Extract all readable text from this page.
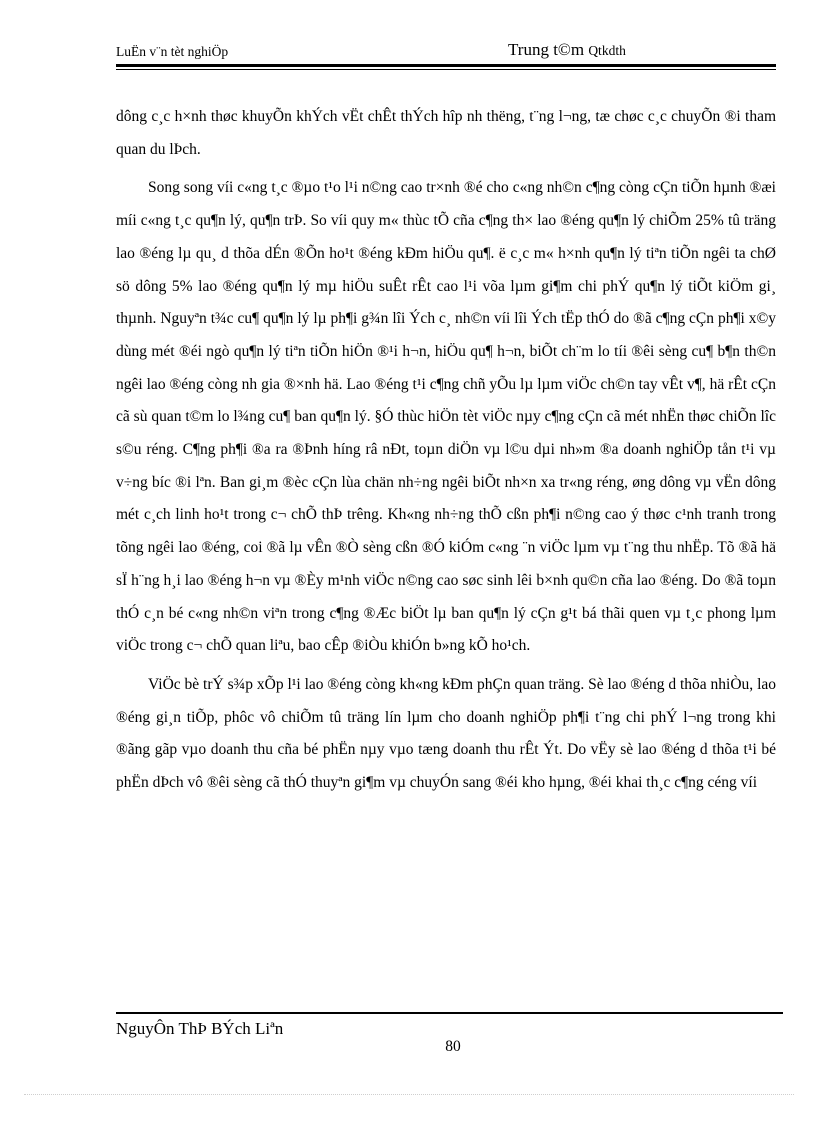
LuËn v¨n tèt nghiÖp	Trung t©m Qtkdth

dông c¸c h×nh thøc khuyÕn khÝch vËt chÊt thÝch hîp nh thëng, t¨ng l¬ng, tæ chøc c¸c chuyÕn ®i tham quan du lÞch.

Song song víi c«ng t¸c ®µo t¹o l¹i n©ng cao tr×nh ®é cho c«ng nh©n c¶ng còng cÇn tiÕn hµnh ®æi míi c«ng t¸c qu¶n lý, qu¶n trÞ. So víi quy m« thùc tÕ cña c¶ng th× lao ®éng qu¶n lý chiÕm 25% tû träng lao ®éng lµ qu¸ d thõa dÉn ®Õn ho¹t ®éng kÐm hiÖu qu¶. ë c¸c m« h×nh qu¶n lý tiªn tiÕn ngêi ta chØ sö dông 5% lao ®éng qu¶n lý mµ hiÖu suÊt rÊt cao l¹i võa lµm gi¶m chi phÝ qu¶n lý tiÕt kiÖm gi¸ thµnh. Nguyªn t¾c cu¶ qu¶n lý lµ ph¶i g¾n lîi Ých c¸ nh©n víi lîi Ých tËp thÓ do ®ã c¶ng cÇn ph¶i x©y dùng mét ®éi ngò qu¶n lý tiªn tiÕn hiÖn ®¹i h¬n, hiÖu qu¶ h¬n, biÕt ch¨m lo tíi ®êi sèng cu¶ b¶n th©n ngêi lao ®éng còng nh gia ®×nh hä. Lao ®éng t¹i c¶ng chñ yÕu lµ lµm viÖc ch©n tay vÊt v¶, hä rÊt cÇn cã sù quan t©m lo l¾ng cu¶ ban qu¶n lý. §Ó thùc hiÖn tèt viÖc nµy c¶ng cÇn cã mét nhËn thøc chiÕn lîc s©u réng. C¶ng ph¶i ®a ra ®Þnh híng râ nÐt, toµn diÖn vµ l©u dµi nh»m ®a doanh nghiÖp tån t¹i vµ v÷ng bíc ®i lªn. Ban gi¸m ®èc cÇn lùa chän nh÷ng ngêi biÕt nh×n xa tr«ng réng, øng dông vµ vËn dông mét c¸ch linh ho¹t trong c¬ chÕ thÞ trêng. Kh«ng nh÷ng thÕ cßn ph¶i n©ng cao ý thøc c¹nh tranh trong tõng ngêi lao ®éng, coi ®ã lµ vÊn ®Ò sèng cßn ®Ó kiÓm c«ng ¨n viÖc lµm vµ t¨ng thu nhËp. Tõ ®ã hä sÏ h¨ng h¸i lao ®éng h¬n vµ ®Èy m¹nh viÖc n©ng cao søc sinh lêi b×nh qu©n cña lao ®éng. Do ®ã toµn thÓ c¸n bé c«ng nh©n viªn trong c¶ng ®Æc biÖt lµ ban qu¶n lý cÇn g¹t bá thãi quen vµ t¸c phong lµm viÖc trong c¬ chÕ quan liªu, bao cÊp ®iÒu khiÓn b»ng kÕ ho¹ch.

ViÖc bè trÝ s¾p xÕp l¹i lao ®éng còng kh«ng kÐm phÇn quan träng. Sè lao ®éng d thõa nhiÒu, lao ®éng gi¸n tiÕp, phôc vô chiÕm tû träng lín lµm cho doanh nghiÖp ph¶i t¨ng chi phÝ l¬ng trong khi ®ãng gãp vµo doanh thu cña bé phËn nµy vµo tæng doanh thu rÊt Ýt. Do vËy sè lao ®éng d thõa t¹i bé phËn dÞch vô ®êi sèng cã thÓ thuyªn gi¶m vµ chuyÓn sang ®éi kho hµng, ®éi khai th¸c c¶ng céng víi

NguyÔn ThÞ BÝch Liªn
80
